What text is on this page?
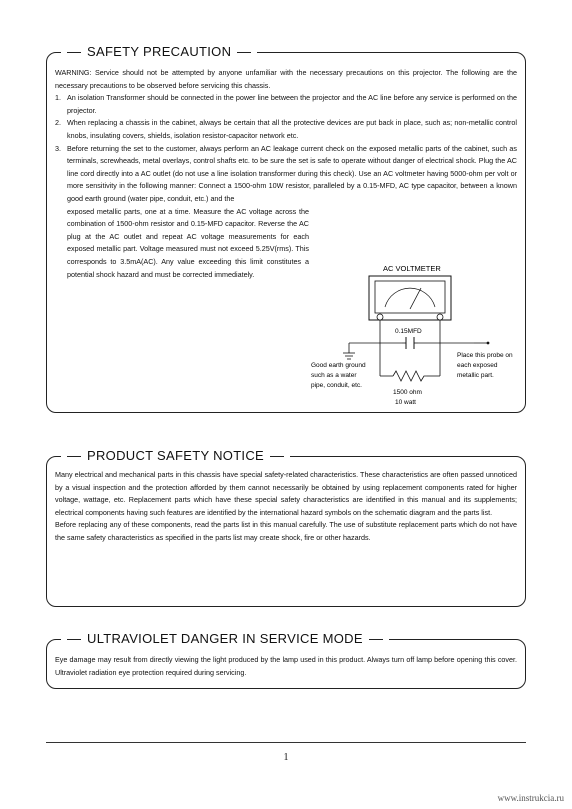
SAFETY PRECAUTION

WARNING: Service should not be attempted by anyone unfamiliar with the necessary precautions on this projector. The following are the necessary precautions to be observed before servicing this chassis.

1. An isolation Transformer should be connected in the power line between the projector and the AC line before any service is performed on the projector.
2. When replacing a chassis in the cabinet, always be certain that all the protective devices are put back in place, such as; non-metallic control knobs, insulating covers, shields, isolation resistor-capacitor network etc.
3. Before returning the set to the customer, always perform an AC leakage current check on the exposed metallic parts of the cabinet, such as terminals, screwheads, metal overlays, control shafts etc. to be sure the set is safe to operate without danger of electrical shock. Plug the AC line cord directly into a AC outlet (do not use a line isolation transformer during this check). Use an AC voltmeter having 5000-ohm per volt or more sensitivity in the following manner: Connect a 1500-ohm 10W resistor, paralleled by a 0.15-MFD, AC type capacitor, between a known good earth ground (water pipe, conduit, etc.) and the
exposed metallic parts, one at a time. Measure the AC voltage across the combination of 1500-ohm resistor and 0.15-MFD capacitor. Reverse the AC plug at the AC outlet and repeat AC voltage measurements for each exposed metallic part. Voltage measured must not exceed 5.25V(rms). This corresponds to 3.5mA(AC). Any value exceeding this limit constitutes a potential shock hazard and must be corrected immediately.
AC VOLTMETER
0.15MFD
Good earth ground such as a water pipe, conduit, etc.
Place this probe on each exposed metallic part.
1500 ohm 10 watt
PRODUCT SAFETY NOTICE

Many electrical and mechanical parts in this chassis have special safety-related characteristics. These characteristics are often passed unnoticed by a visual inspection and the protection afforded by them cannot necessarily be obtained by using replacement components rated for higher voltage, wattage, etc. Replacement parts which have these special safety characteristics are identified in this manual and its supplements; electrical components having such features are identified by the international hazard symbols on the schematic diagram and the parts list.

Before replacing any of these components, read the parts list in this manual carefully. The use of substitute replacement parts which do not have the same safety characteristics as specified in the parts list may create shock, fire or other hazards.

ULTRAVIOLET DANGER IN SERVICE MODE

Eye damage may result from directly viewing the light produced by the lamp used in this product. Always turn off lamp before opening this cover. Ultraviolet radiation eye protection required during servicing.

1
www.instrukcia.ru
